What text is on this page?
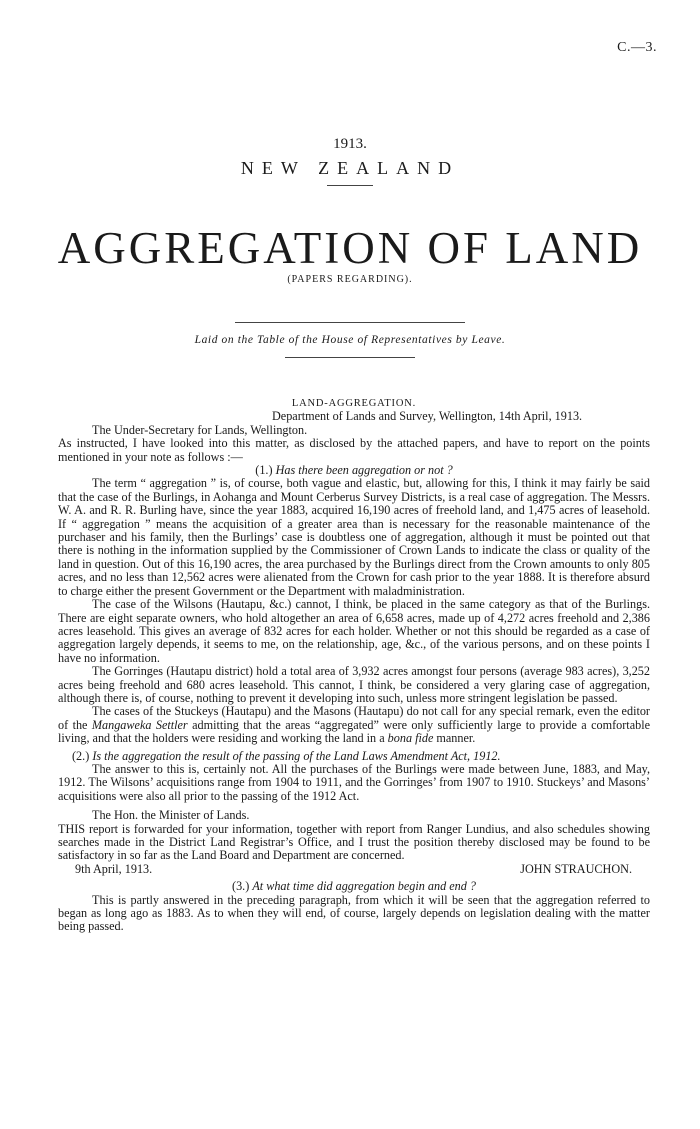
C.—3.
1913.
NEW ZEALAND
AGGREGATION OF LAND
(PAPERS REGARDING).
Laid on the Table of the House of Representatives by Leave.

LAND-AGGREGATION.

Department of Lands and Survey, Wellington, 14th April, 1913.

The Under-Secretary for Lands, Wellington.

As instructed, I have looked into this matter, as disclosed by the attached papers, and have to report on the points mentioned in your note as follows :—

(1.) Has there been aggregation or not ?

The term “ aggregation ” is, of course, both vague and elastic, but, allowing for this, I think it may fairly be said that the case of the Burlings, in Aohanga and Mount Cerberus Survey Districts, is a real case of aggregation. The Messrs. W. A. and R. R. Burling have, since the year 1883, acquired 16,190 acres of freehold land, and 1,475 acres of leasehold. If “ aggregation ” means the acquisition of a greater area than is necessary for the reasonable maintenance of the purchaser and his family, then the Burlings’ case is doubtless one of aggregation, although it must be pointed out that there is nothing in the information supplied by the Commissioner of Crown Lands to indicate the class or quality of the land in question. Out of this 16,190 acres, the area purchased by the Burlings direct from the Crown amounts to only 805 acres, and no less than 12,562 acres were alienated from the Crown for cash prior to the year 1888. It is therefore absurd to charge either the present Government or the Department with maladministration.

The case of the Wilsons (Hautapu, &c.) cannot, I think, be placed in the same category as that of the Burlings. There are eight separate owners, who hold altogether an area of 6,658 acres, made up of 4,272 acres freehold and 2,386 acres leasehold. This gives an average of 832 acres for each holder. Whether or not this should be regarded as a case of aggregation largely depends, it seems to me, on the relationship, age, &c., of the various persons, and on these points I have no information.

The Gorringes (Hautapu district) hold a total area of 3,932 acres amongst four persons (average 983 acres), 3,252 acres being freehold and 680 acres leasehold. This cannot, I think, be considered a very glaring case of aggregation, although there is, of course, nothing to prevent it developing into such, unless more stringent legislation be passed.

The cases of the Stuckeys (Hautapu) and the Masons (Hautapu) do not call for any special remark, even the editor of the Mangaweka Settler admitting that the areas “aggregated” were only sufficiently large to provide a comfortable living, and that the holders were residing and working the land in a bona fide manner.

(2.) Is the aggregation the result of the passing of the Land Laws Amendment Act, 1912.

The answer to this is, certainly not. All the purchases of the Burlings were made between June, 1883, and May, 1912. The Wilsons’ acquisitions range from 1904 to 1911, and the Gorringes’ from 1907 to 1910. Stuckeys’ and Masons’ acquisitions were also all prior to the passing of the 1912 Act.

The Hon. the Minister of Lands.

THIS report is forwarded for your information, together with report from Ranger Lundius, and also schedules showing searches made in the District Land Registrar’s Office, and I trust the position thereby disclosed may be found to be satisfactory in so far as the Land Board and Department are concerned.

9th April, 1913.	JOHN STRAUCHON.

(3.) At what time did aggregation begin and end ?

This is partly answered in the preceding paragraph, from which it will be seen that the aggregation referred to began as long ago as 1883. As to when they will end, of course, largely depends on legislation dealing with the matter being passed.
